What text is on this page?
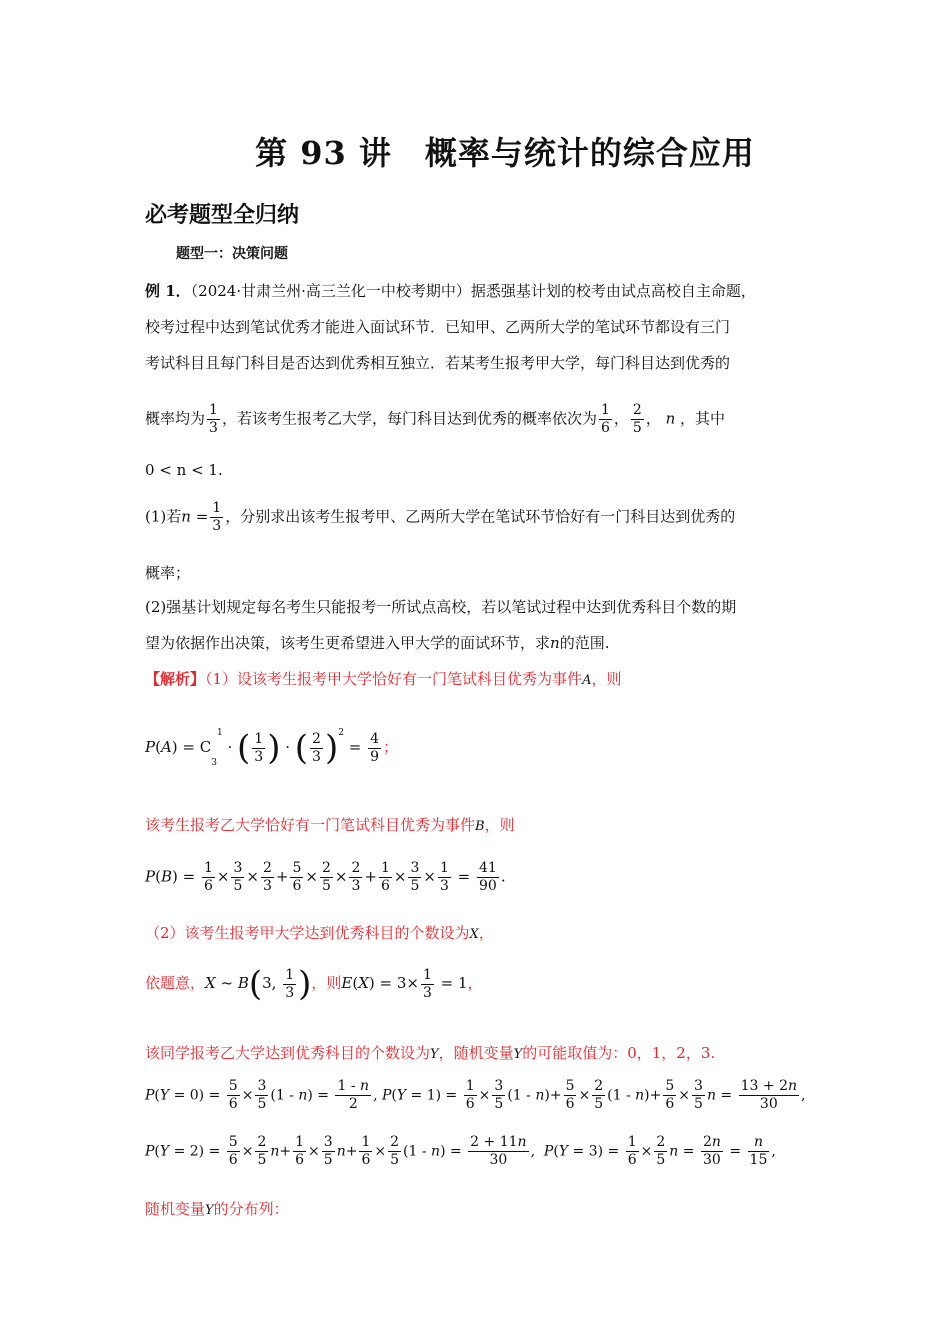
第 93 讲　概率与统计的综合应用
必考题型全归纳
题型一：决策问题
例 1．（2024·甘肃兰州·高三兰化一中校考期中）据悉强基计划的校考由试点高校自主命题，
校考过程中达到笔试优秀才能进入面试环节．已知甲、乙两所大学的笔试环节都设有三门
考试科目且每门科目是否达到优秀相互独立．若某考生报考甲大学，每门科目达到优秀的
概率均为 $\frac{1}{3}$ ，若该考生报考乙大学，每门科目达到优秀的概率依次为 $\frac{1}{6}$ ， $\frac{2}{5}$ ， n ，其中
0 < n < 1.
(1)若$n = \frac{1}{3}$ ，分别求出该考生报考甲、乙两所大学在笔试环节恰好有一门科目达到优秀的
概率；
(2)强基计划规定每名考生只能报考一所试点高校，若以笔试过程中达到优秀科目个数的期
望为依据作出决策，该考生更希望进入甲大学的面试环节，求n的范围.
【解析】（1）设该考生报考甲大学恰好有一门笔试科目优秀为事件A，则
$P(A) = C3^1$ · ( $\frac{1}{3}$ ) · ( $\frac{2}{3} )^2 = \frac{4}{9}$ ；
该考生报考乙大学恰好有一门笔试科目优秀为事件B，则
$P(B) = \frac{1}{6} \times \frac{3}{5} \times \frac{2}{3} + \frac{5}{6} \times \frac{2}{5} \times \frac{2}{3} + \frac{1}{6} \times \frac{3}{5} \times \frac{1}{3} = \frac{41}{90}$ .
（2）该考生报考甲大学达到优秀科目的个数设为X，
依题意，X ~ B(3, $\frac{1}{3}$ )，则$E(X) = 3\times \frac{1}{3} = 1$，
该同学报考乙大学达到优秀科目的个数设为Y，随机变量Y的可能取值为：0，1，2，3.
$P(Y = 0) = \frac{5}{6} \times \frac{3}{5} (1 - n) = \frac{1 - n}{2}$ , $P(Y = 1) = \frac{1}{6} \times \frac{3}{5} (1 - n)+ \frac{5}{6} \times \frac{2}{5} (1 - n)+ \frac{5}{6} \times \frac{3}{5}$ $n = \frac{13 + 2n}{30}$ ,
$P(Y = 2) = \frac{5}{6} \times \frac{2}{5} n+ \frac{1}{6} \times \frac{3}{5} n+ \frac{1}{6} \times \frac{2}{5} (1 - n) = \frac{2 + 11n}{30}$ ,  $P(Y = 3) = \frac{1}{6} \times \frac{2}{5}$ $n = \frac{2n}{30} = \frac{n}{15}$ ,
随机变量Y的分布列：
